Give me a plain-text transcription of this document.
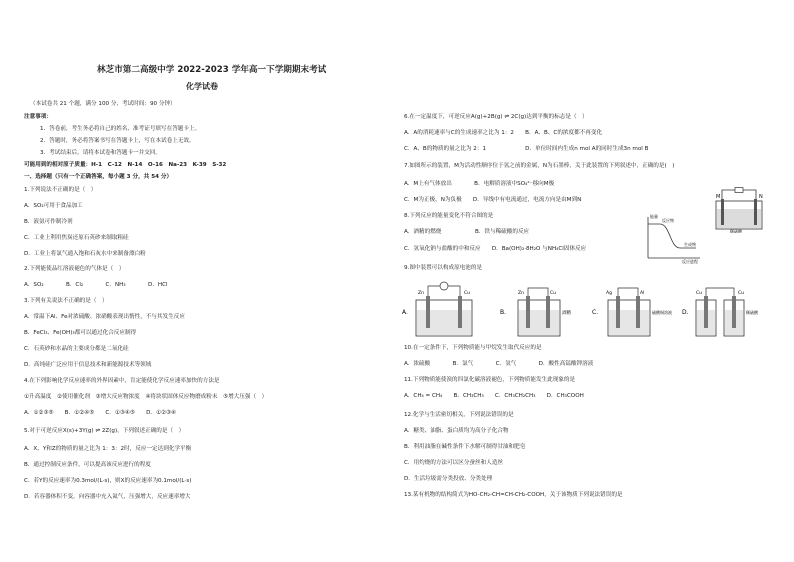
林芝市第二高级中学 2022-2023 学年高一下学期期末考试
化学试卷
（本试卷共 21 个题，满分 100 分，考试时间：90 分钟）
注意事项：
1．答卷前，考生务必将自己的姓名、准考证号填写在答题卡上。
2．答题时，务必将答案书写在答题卡上，写在本试卷上无效。
3．考试结束后，请将本试卷和答题卡一并交回。
可能用到的相对原子质量：H-1　C-12　N-14　O-16　Na-23　K-39　S-32
一、选择题（只有一个正确答案，每小题 3 分，共 54 分）
1.下列说法不正确的是（　）
A．SO₂可用于食品加工
B．液氨可作制冷剂
C．工业上利用焦炭还原石英砂来制取粗硅
D．工业上将氯气通入饱和石灰水中来制备漂白粉
2.下列能使品红溶液褪色的气体是（　）
A．SO₂　　　　B．Cl₂　　　　C．NH₃　　　　D．HCl
3.下列有关说法不正确的是（　）
A．常温下Al、Fe对浓硫酸、浓硝酸表现出惰性，不与其发生反应
B．FeCl₃、Fe(OH)₃都可以通过化合反应制得
C．石英砂和水晶的主要成分都是二氧化硅
D．高纯硅广泛应用于信息技术和新能源技术等领域
4.在下列影响化学反应速率的外界因素中，肯定能使化学反应速率加快的方法是
①升高温度　②使用催化剂　③增大反应物浓度　④将块状固体反应物磨成粉末　⑤增大压强（　）
A．①②③⑤　　B．①②④⑤　　C．①③④⑤　　D．①②③④
5.对于可逆反应X(s)+3Y(g) ⇌ 2Z(g)，下列叙述正确的是（　）
A．X、Y和Z的物质的量之比为 1：3：2时，反应一定达到化学平衡
B．通过控制反应条件，可以提高该反应进行的程度
C．若Y的反应速率为0.3mol/(L·s)，则X的反应速率为0.1mol/(L·s)
D．若容器体积不变，向容器中充入氦气，压强增大，反应速率增大
6.在一定温度下，可逆反应A(g)+2B(g) ⇌ 2C(g)达到平衡的标志是（　）
A．A的消耗速率与C的生成速率之比为 1：2　　B．A、B、C的浓度都不再变化
C．A、B的物质的量之比为 2：1　　　　　　　D．单位时间内生成n mol A的同时生成3n mol B
7.如图所示的装置，M为活动性顺序位于氢之前的金属，N为石墨棒，关于此装置的下列叙述中，正确的是(　)
A．M上有气体放出　　　　B．电解质溶液中SO₄²⁻移向M极
C．M为正极，N为负极　　D．导线中有电流通过，电流方向是由M到N
8.下列反应的能量变化不符合图的是
A．酒精的燃烧　　　　　　B．铁与稀硫酸的反应
C．氢氧化钠与盐酸的中和反应　　D．Ba(OH)₂·8H₂O 与NH₄Cl固体反应
9.图中装置可以构成原电池的是
10.在一定条件下，下列物质能与甲烷发生取代反应的是
A．浓硫酸　　　　B．氯气　　　　C．氢气　　　　D．酸性高锰酸钾溶液
11.下列物质能使溴的四氯化碳溶液褪色，下列物质能发生此现象的是
A．CH₄ = CH₄　　B．CH₃CH₃　　C．CH₃CH₂CH₃　　D．CH₃COOH
12.化学与生活密切相关，下列说法错误的是
A．糖类、油脂、蛋白质均为高分子化合物
B．利用油脂在碱性条件下水解可制得甘油和肥皂
C．用灼烧的方法可以区分蚕丝和人造丝
D．生活垃圾需分类投放、分类处理
13.某有机物的结构简式为HO-CH₂-CH=CH-CH₂-COOH，关于该物质下列说法错误的是
M	N
稀硫酸
能量
反应物
生成物
反应进程
A.
Zn	Cu
B.
Zn	Cu
酒精	C.
Ag	Al
硫酸铜溶液 D.
Cu	Cu
稀硫酸
